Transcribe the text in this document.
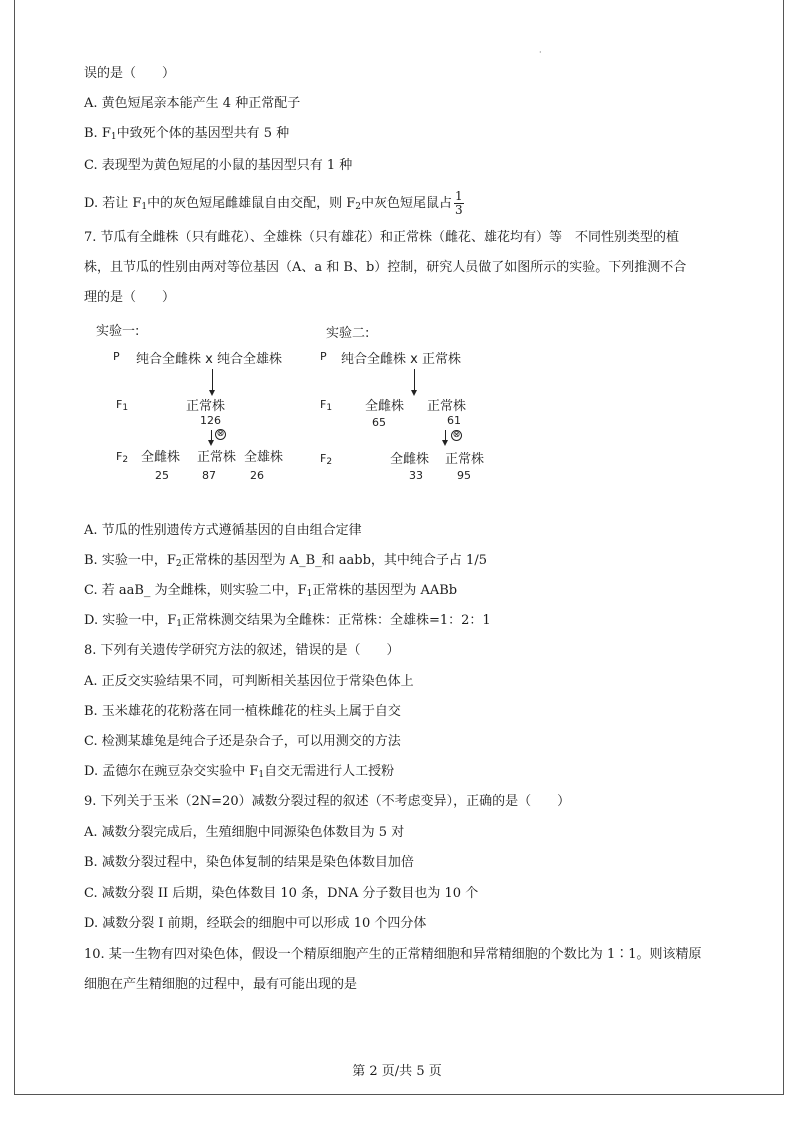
·
误的是（　　）
A. 黄色短尾亲本能产生 4 种正常配子
B. $F_1$中致死个体的基因型共有 5 种
C. 表现型为黄色短尾的小鼠的基因型只有 1 种
D. 若让 $F_1$中的灰色短尾雌雄鼠自由交配，则 $F_2$中灰色短尾鼠占 $\frac{1}{3}$
7. 节瓜有全雌株（只有雌花）、全雄株（只有雄花）和正常株（雌花、雄花均有）等　不同性别类型的植
株，且节瓜的性别由两对等位基因（A、a 和 B、b）控制，研究人员做了如图所示的实验。下列推测不合
理的是（　　）
实验一:
P 纯合全雌株 x 纯合全雄株
$F_1$	正常株
126
⊗
$F_2$ 全雌株 正常株 全雄株
25	87	26
实验二:
P 纯合全雌株 x 正常株
$F_1$	全雌株 正常株
65	61
⊗
$F_2$	全雌株 正常株
33	95
A. 节瓜的性别遗传方式遵循基因的自由组合定律
B. 实验一中，$F_2$正常株的基因型为 A_B_和 aabb，其中纯合子占 1/5
C. 若 aaB_ 为全雌株，则实验二中，$F_1$正常株的基因型为 AABb
D. 实验一中，$F_1$正常株测交结果为全雌株：正常株：全雄株=1：2：1
8. 下列有关遗传学研究方法的叙述，错误的是（　　）
A. 正反交实验结果不同，可判断相关基因位于常染色体上
B. 玉米雄花的花粉落在同一植株雌花的柱头上属于自交
C. 检测某雄兔是纯合子还是杂合子，可以用测交的方法
D. 孟德尔在豌豆杂交实验中 $F_1$自交无需进行人工授粉
9. 下列关于玉米（2N=20）减数分裂过程的叙述（不考虑变异），正确的是（　　）
A. 减数分裂完成后，生殖细胞中同源染色体数目为 5 对
B. 减数分裂过程中，染色体复制的结果是染色体数目加倍
C. 减数分裂 II 后期，染色体数目 10 条，DNA 分子数目也为 10 个
D. 减数分裂 I 前期，经联会的细胞中可以形成 10 个四分体
10. 某一生物有四对染色体，假设一个精原细胞产生的正常精细胞和异常精细胞的个数比为 1∶1。则该精原
细胞在产生精细胞的过程中，最有可能出现的是
第 2 页/共 5 页
